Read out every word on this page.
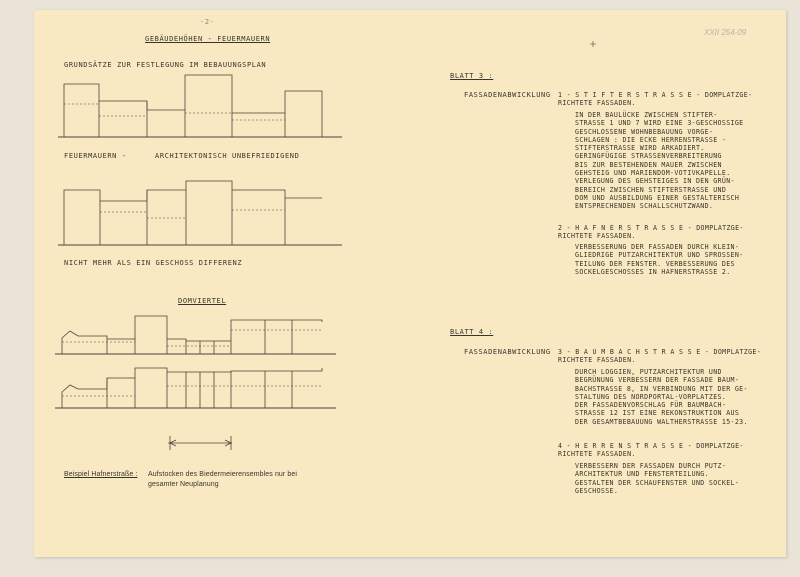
-2-
XXII 254-09
GEBÄUDEHÖHEN - FEUERMAUERN
GRUNDSÄTZE ZUR FESTLEGUNG IM BEBAUUNGSPLAN
FEUERMAUERN -	ARCHITEKTONISCH UNBEFRIEDIGEND
NICHT MEHR ALS EIN GESCHOSS DIFFERENZ
DOMVIERTEL
Beispiel Hafnerstraße : Aufstocken des Biedermeierensembles nur bei
gesamter Neuplanung
BLATT 3 :
FASSADENABWICKLUNG 1 - S T I F T E R S T R A S S E - DOMPLATZGE-
RICHTETE FASSADEN.
IN DER BAULÜCKE ZWISCHEN STIFTER-
STRASSE 1 UND 7 WIRD EINE 3-GESCHOSSIGE
GESCHLOSSENE WOHNBEBAUUNG VORGE-
SCHLAGEN : DIE ECKE HERRENSTRASSE -
STIFTERSTRASSE WIRD ARKADIERT.
GERINGFÜGIGE STRASSENVERBREITERUNG
BIS ZUR BESTEHENDEN MAUER ZWISCHEN
GEHSTEIG UND MARIENDOM-VOTIVKAPELLE.
VERLEGUNG DES GEHSTEIGES IN DEN GRÜN-
BEREICH ZWISCHEN STIFTERSTRASSE UND
DOM UND AUSBILDUNG EINER GESTALTERISCH
ENTSPRECHENDEN SCHALLSCHUTZWAND.
2 - H A F N E R S T R A S S E - DOMPLATZGE-
RICHTETE FASSADEN.
VERBESSERUNG DER FASSADEN DURCH KLEIN-
GLIEDRIGE PUTZARCHITEKTUR UND SPROSSEN-
TEILUNG DER FENSTER. VERBESSERUNG DES
SOCKELGESCHOSSES IN HAFNERSTRASSE 2.
BLATT 4 :
FASSADENABWICKLUNG 3 - B A U M B A C H S T R A S S E - DOMPLATZGE-
RICHTETE FASSADEN.
DURCH LOGGIEN, PUTZARCHITEKTUR UND
BEGRÜNUNG VERBESSERN DER FASSADE BAUM-
BACHSTRASSE 8, IN VERBINDUNG MIT DER GE-
STALTUNG DES NORDPORTAL-VORPLATZES.
DER FASSADENVORSCHLAG FÜR BAUMBACH-
STRASSE 12 IST EINE REKONSTRUKTION AUS
DER GESAMTBEBAUUNG WALTHERSTRASSE 15-23.
4 - H E R R E N S T R A S S E - DOMPLATZGE-
RICHTETE FASSADEN.
VERBESSERN DER FASSADEN DURCH PUTZ-
ARCHITEKTUR UND FENSTERTEILUNG.
GESTALTEN DER SCHAUFENSTER UND SOCKEL-
GESCHOSSE.
